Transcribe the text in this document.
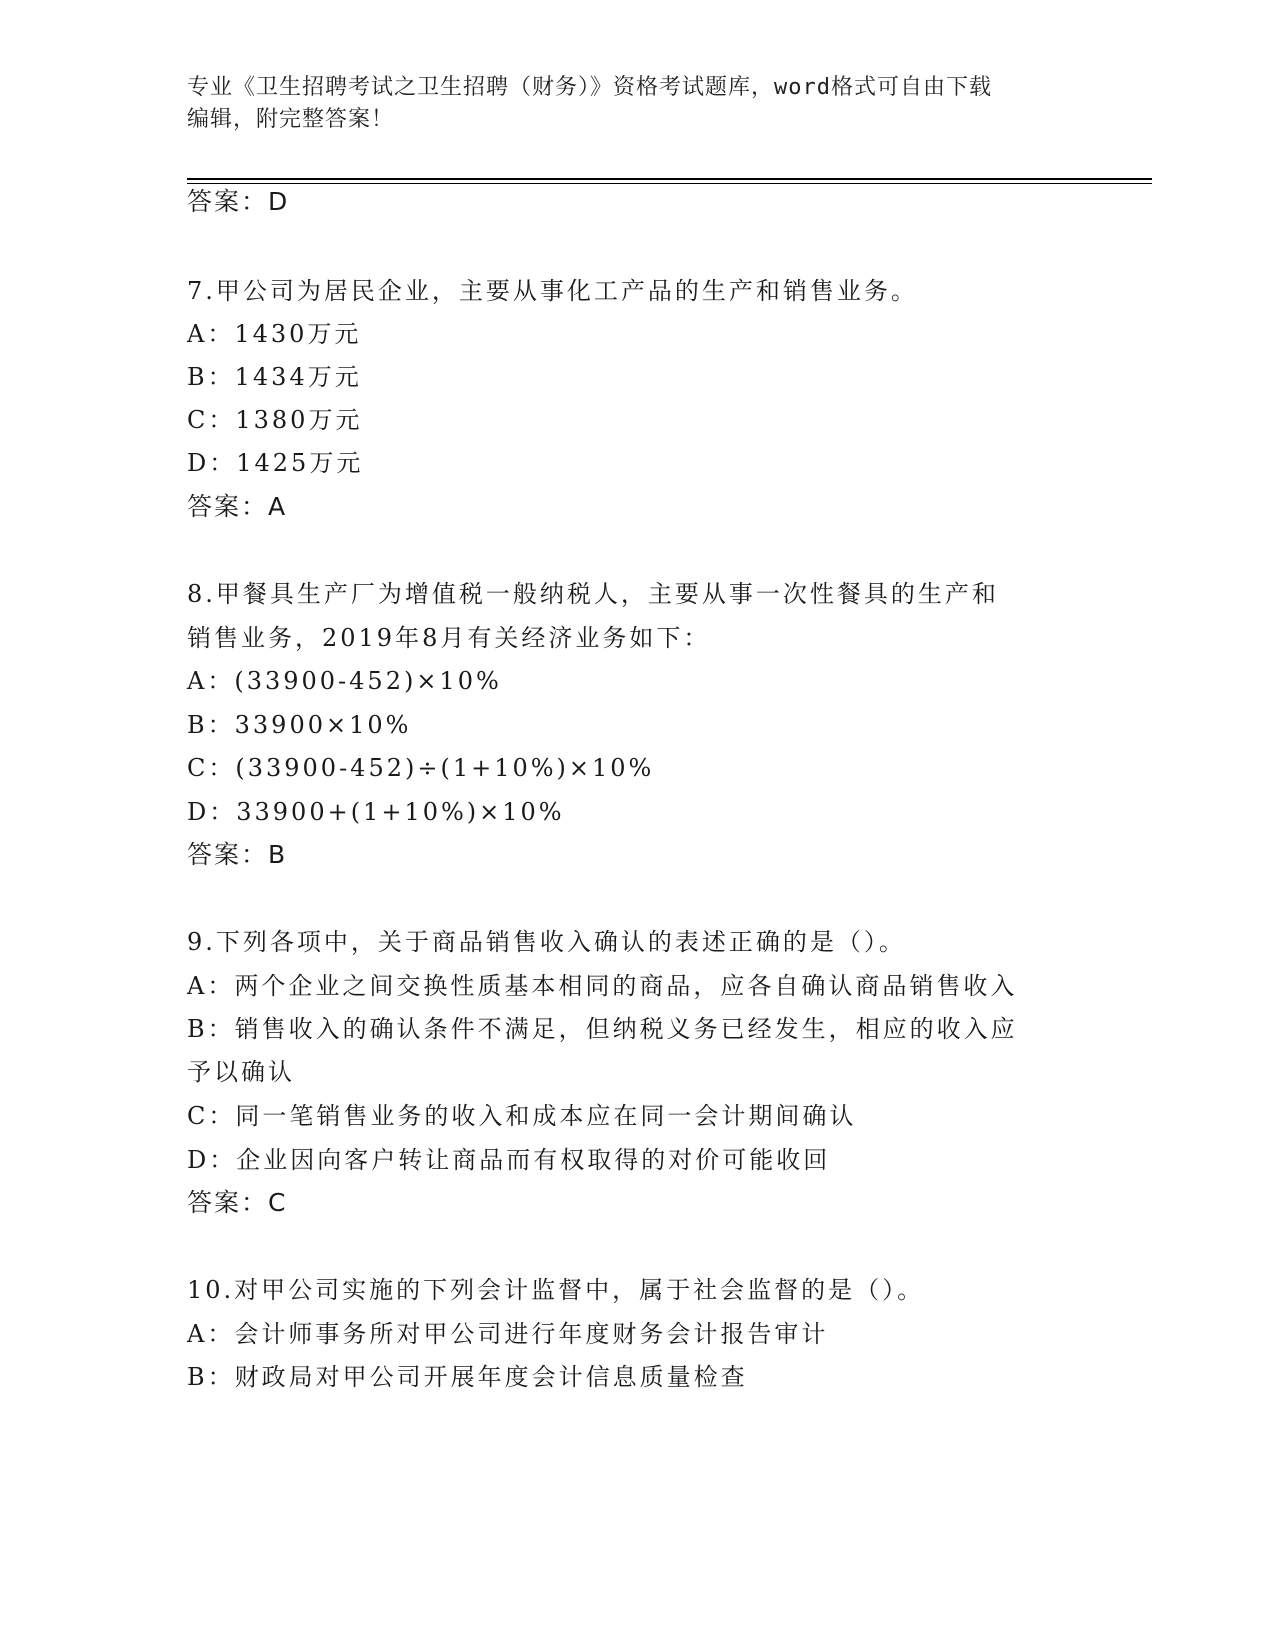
专业《卫生招聘考试之卫生招聘（财务）》资格考试题库，word格式可自由下载
编辑，附完整答案！
答案：D
7.甲公司为居民企业，主要从事化工产品的生产和销售业务。
A：1430万元
B：1434万元
C：1380万元
D：1425万元
答案：A
8.甲餐具生产厂为增值税一般纳税人，主要从事一次性餐具的生产和
销售业务，2019年8月有关经济业务如下：
A：(33900-452)×10%
B：33900×10%
C：(33900-452)÷(1+10%)×10%
D：33900+(1+10%)×10%
答案：B
9.下列各项中，关于商品销售收入确认的表述正确的是（）。
A：两个企业之间交换性质基本相同的商品，应各自确认商品销售收入
B：销售收入的确认条件不满足，但纳税义务已经发生，相应的收入应
予以确认
C：同一笔销售业务的收入和成本应在同一会计期间确认
D：企业因向客户转让商品而有权取得的对价可能收回
答案：C
10.对甲公司实施的下列会计监督中，属于社会监督的是（）。
A：会计师事务所对甲公司进行年度财务会计报告审计
B：财政局对甲公司开展年度会计信息质量检查
